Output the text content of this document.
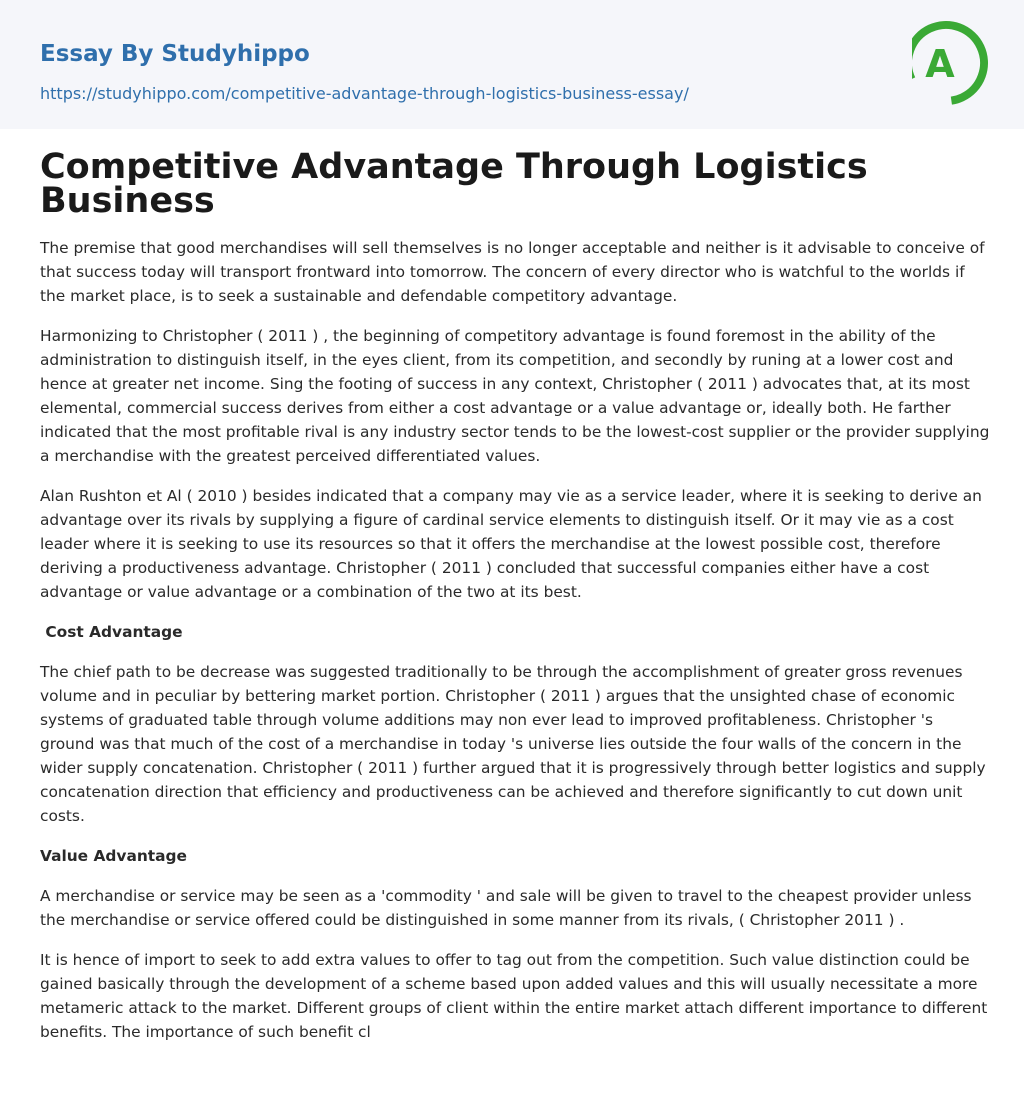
Essay By Studyhippo
https://studyhippo.com/competitive-advantage-through-logistics-business-essay/
A
Competitive Advantage Through Logistics Business

The premise that good merchandises will sell themselves is no longer acceptable and neither is it advisable to conceive of that success today will transport frontward into tomorrow. The concern of every director who is watchful to the worlds if the market place, is to seek a sustainable and defendable competitory advantage.

Harmonizing to Christopher ( 2011 ) , the beginning of competitory advantage is found foremost in the ability of the administration to distinguish itself, in the eyes client, from its competition, and secondly by runing at a lower cost and hence at greater net income. Sing the footing of success in any context, Christopher ( 2011 ) advocates that, at its most elemental, commercial success derives from either a cost advantage or a value advantage or, ideally both. He farther indicated that the most profitable rival is any industry sector tends to be the lowest-cost supplier or the provider supplying a merchandise with the greatest perceived differentiated values.

Alan Rushton et Al ( 2010 ) besides indicated that a company may vie as a service leader, where it is seeking to derive an advantage over its rivals by supplying a figure of cardinal service elements to distinguish itself. Or it may vie as a cost leader where it is seeking to use its resources so that it offers the merchandise at the lowest possible cost, therefore deriving a productiveness advantage. Christopher ( 2011 ) concluded that successful companies either have a cost advantage or value advantage or a combination of the two at its best.

Cost Advantage

The chief path to be decrease was suggested traditionally to be through the accomplishment of greater gross revenues volume and in peculiar by bettering market portion. Christopher ( 2011 ) argues that the unsighted chase of economic systems of graduated table through volume additions may non ever lead to improved profitableness. Christopher 's ground was that much of the cost of a merchandise in today 's universe lies outside the four walls of the concern in the wider supply concatenation. Christopher ( 2011 ) further argued that it is progressively through better logistics and supply concatenation direction that efficiency and productiveness can be achieved and therefore significantly to cut down unit costs.

Value Advantage

A merchandise or service may be seen as a 'commodity ' and sale will be given to travel to the cheapest provider unless the merchandise or service offered could be distinguished in some manner from its rivals, ( Christopher 2011 ) .

It is hence of import to seek to add extra values to offer to tag out from the competition. Such value distinction could be gained basically through the development of a scheme based upon added values and this will usually necessitate a more metameric attack to the market. Different groups of client within the entire market attach different importance to different benefits. The importance of such benefit cl
